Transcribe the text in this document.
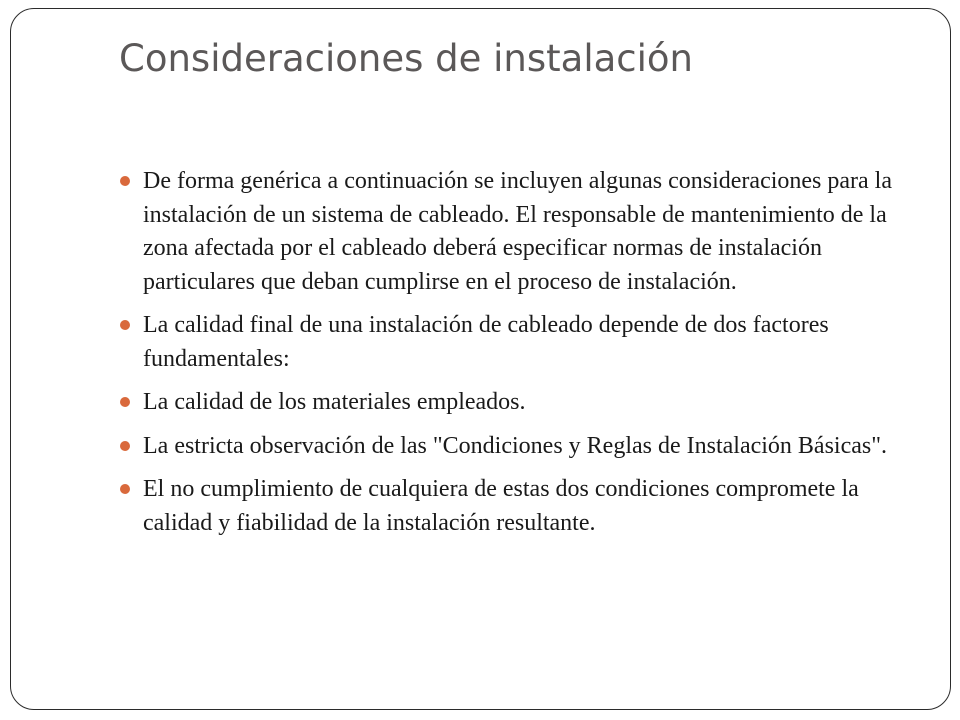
Consideraciones de instalación
De forma genérica a continuación se incluyen algunas consideraciones para la instalación de un sistema de cableado. El responsable de mantenimiento de la zona afectada por el cableado deberá especificar normas de instalación particulares que deban cumplirse en el proceso de instalación.
La calidad final de una instalación de cableado depende de dos factores fundamentales:
La calidad de los materiales empleados.
La estricta observación de las "Condiciones y Reglas de Instalación Básicas".
El no cumplimiento de cualquiera de estas dos condiciones compromete la calidad y fiabilidad de la instalación resultante.
